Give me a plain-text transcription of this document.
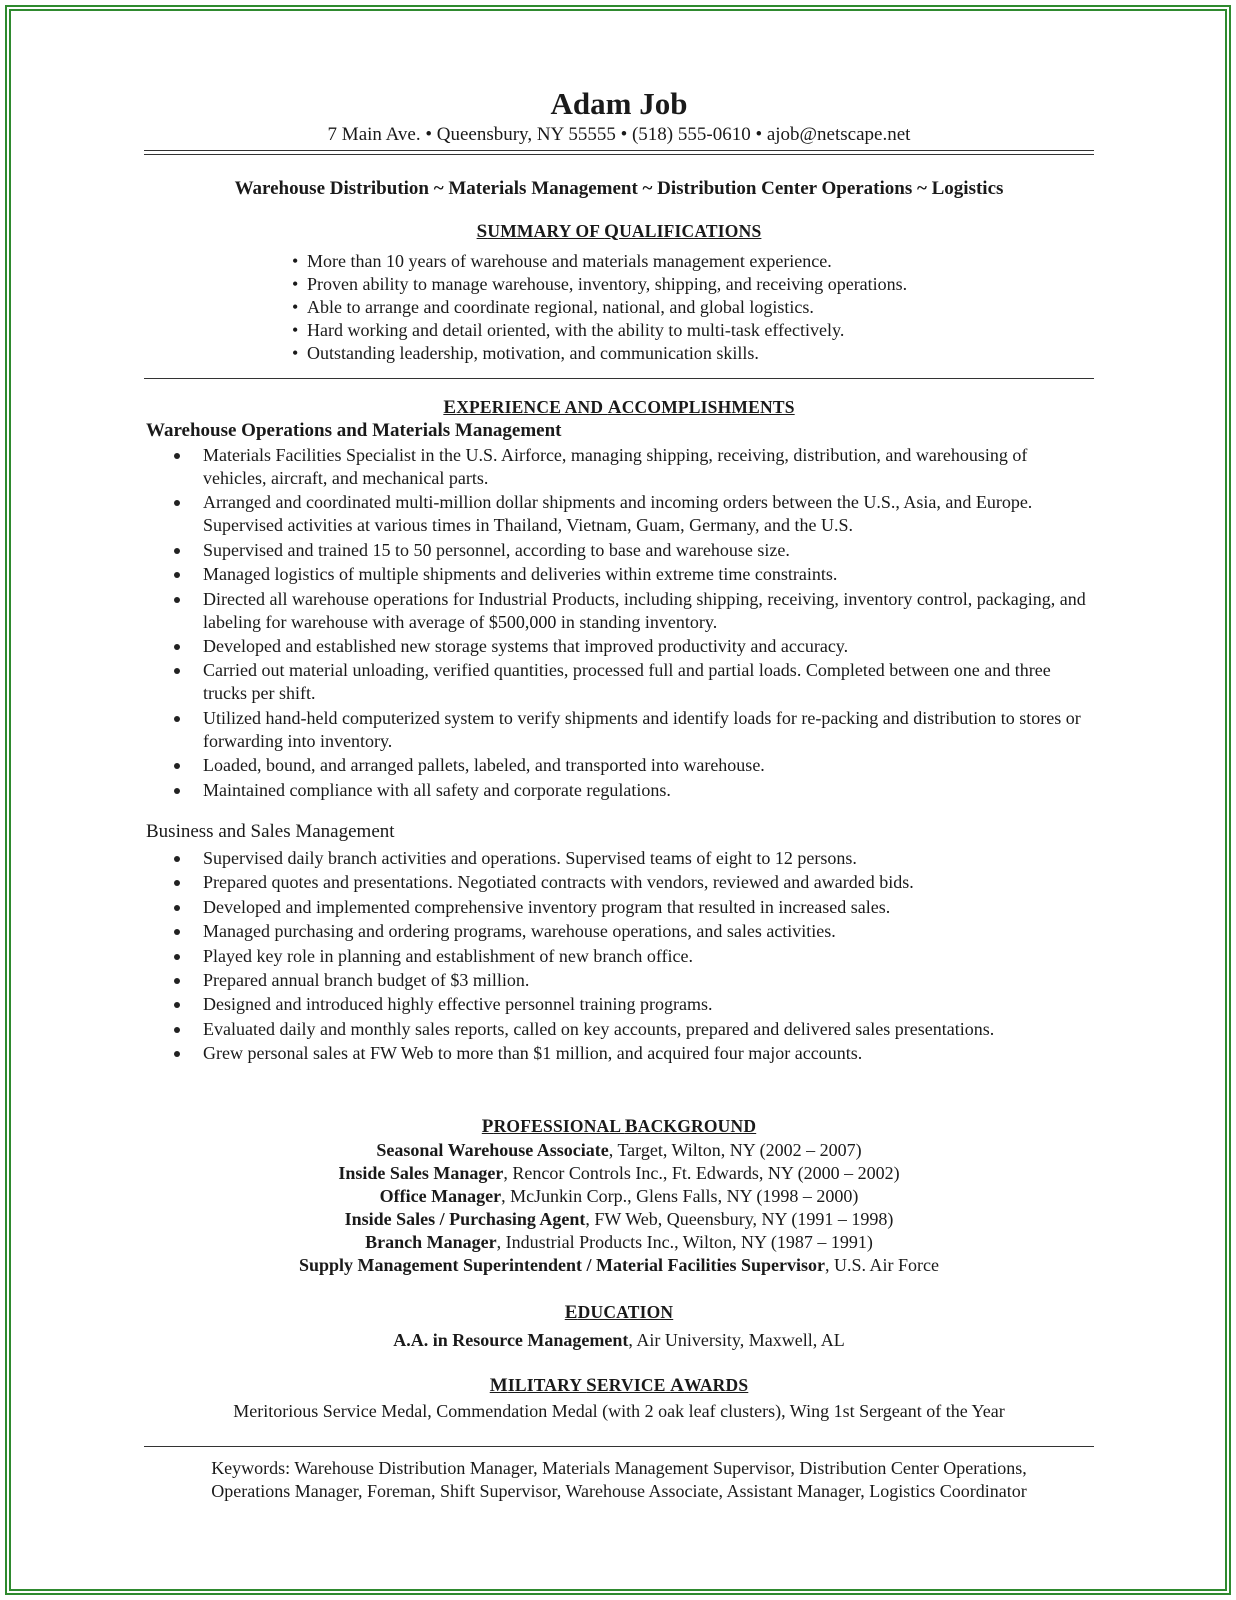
Adam Job
7 Main Ave. • Queensbury, NY 55555 • (518) 555-0610 • ajob@netscape.net
Warehouse Distribution ~ Materials Management ~ Distribution Center Operations ~ Logistics
SUMMARY OF QUALIFICATIONS
• More than 10 years of warehouse and materials management experience.
• Proven ability to manage warehouse, inventory, shipping, and receiving operations.
• Able to arrange and coordinate regional, national, and global logistics.
• Hard working and detail oriented, with the ability to multi-task effectively.
• Outstanding leadership, motivation, and communication skills.
EXPERIENCE AND ACCOMPLISHMENTS
Warehouse Operations and Materials Management
Materials Facilities Specialist in the U.S. Airforce, managing shipping, receiving, distribution, and warehousing of vehicles, aircraft, and mechanical parts.
Arranged and coordinated multi-million dollar shipments and incoming orders between the U.S., Asia, and Europe. Supervised activities at various times in Thailand, Vietnam, Guam, Germany, and the U.S.
Supervised and trained 15 to 50 personnel, according to base and warehouse size.
Managed logistics of multiple shipments and deliveries within extreme time constraints.
Directed all warehouse operations for Industrial Products, including shipping, receiving, inventory control, packaging, and labeling for warehouse with average of $500,000 in standing inventory.
Developed and established new storage systems that improved productivity and accuracy.
Carried out material unloading, verified quantities, processed full and partial loads. Completed between one and three trucks per shift.
Utilized hand-held computerized system to verify shipments and identify loads for re-packing and distribution to stores or forwarding into inventory.
Loaded, bound, and arranged pallets, labeled, and transported into warehouse.
Maintained compliance with all safety and corporate regulations.
Business and Sales Management
Supervised daily branch activities and operations. Supervised teams of eight to 12 persons.
Prepared quotes and presentations. Negotiated contracts with vendors, reviewed and awarded bids.
Developed and implemented comprehensive inventory program that resulted in increased sales.
Managed purchasing and ordering programs, warehouse operations, and sales activities.
Played key role in planning and establishment of new branch office.
Prepared annual branch budget of $3 million.
Designed and introduced highly effective personnel training programs.
Evaluated daily and monthly sales reports, called on key accounts, prepared and delivered sales presentations.
Grew personal sales at FW Web to more than $1 million, and acquired four major accounts.
PROFESSIONAL BACKGROUND
Seasonal Warehouse Associate, Target, Wilton, NY (2002 – 2007)
Inside Sales Manager, Rencor Controls Inc., Ft. Edwards, NY (2000 – 2002)
Office Manager, McJunkin Corp., Glens Falls, NY (1998 – 2000)
Inside Sales / Purchasing Agent, FW Web, Queensbury, NY (1991 – 1998)
Branch Manager, Industrial Products Inc., Wilton, NY (1987 – 1991)
Supply Management Superintendent / Material Facilities Supervisor, U.S. Air Force
EDUCATION
A.A. in Resource Management, Air University, Maxwell, AL
MILITARY SERVICE AWARDS
Meritorious Service Medal, Commendation Medal (with 2 oak leaf clusters), Wing 1st Sergeant of the Year
Keywords: Warehouse Distribution Manager, Materials Management Supervisor, Distribution Center Operations,
Operations Manager, Foreman, Shift Supervisor, Warehouse Associate, Assistant Manager, Logistics Coordinator
